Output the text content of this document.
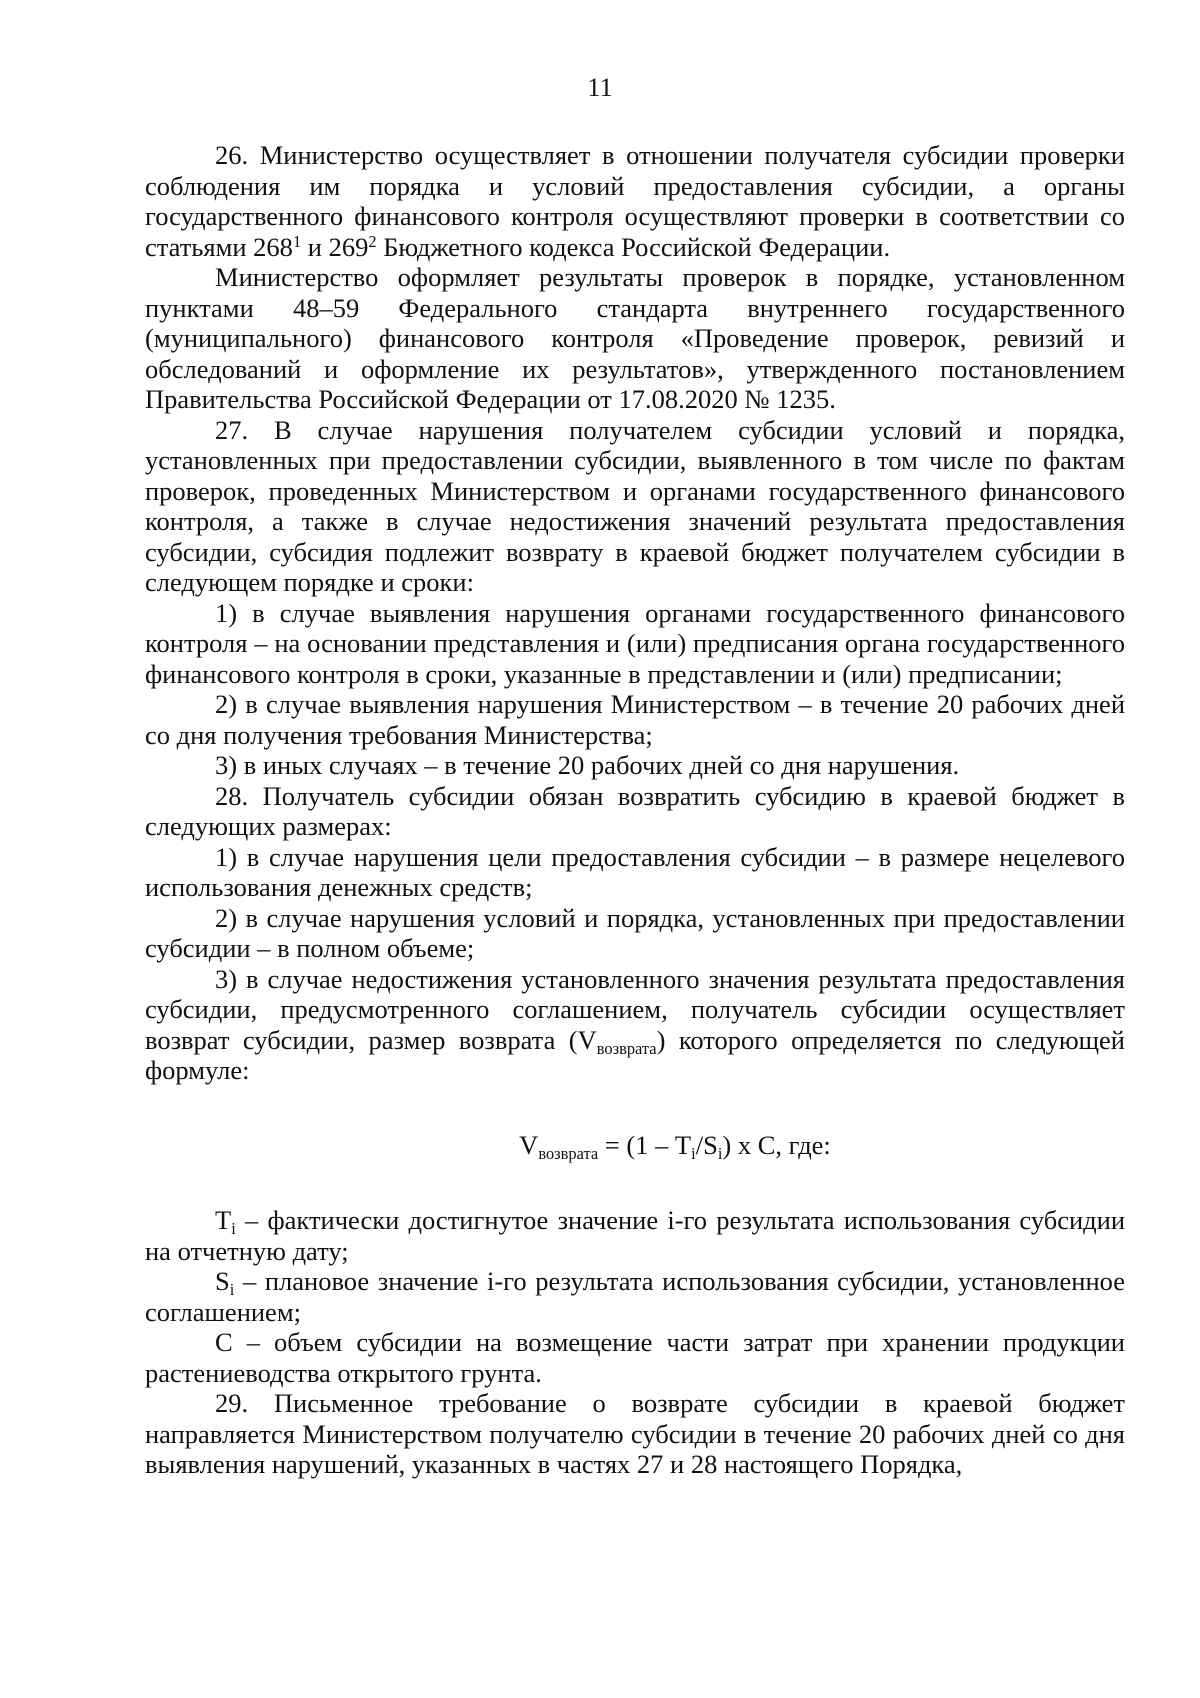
11

26. Министерство осуществляет в отношении получателя субсидии проверки соблюдения им порядка и условий предоставления субсидии, а органы государственного финансового контроля осуществляют проверки в соответствии со статьями $268^1$ и $269^2$ Бюджетного кодекса Российской Федерации.

Министерство оформляет результаты проверок в порядке, установленном пунктами 48–59 Федерального стандарта внутреннего государственного (муниципального) финансового контроля «Проведение проверок, ревизий и обследований и оформление их результатов», утвержденного постановлением Правительства Российской Федерации от 17.08.2020 № 1235.

27. В случае нарушения получателем субсидии условий и порядка, установленных при предоставлении субсидии, выявленного в том числе по фактам проверок, проведенных Министерством и органами государственного финансового контроля, а также в случае недостижения значений результата предоставления субсидии, субсидия подлежит возврату в краевой бюджет получателем субсидии в следующем порядке и сроки:

1) в случае выявления нарушения органами государственного финансового контроля – на основании представления и (или) предписания органа государственного финансового контроля в сроки, указанные в представлении и (или) предписании;

2) в случае выявления нарушения Министерством – в течение 20 рабочих дней со дня получения требования Министерства;

3) в иных случаях – в течение 20 рабочих дней со дня нарушения.

28. Получатель субсидии обязан возвратить субсидию в краевой бюджет в следующих размерах:

1) в случае нарушения цели предоставления субсидии – в размере нецелевого использования денежных средств;

2) в случае нарушения условий и порядка, установленных при предоставлении субсидии – в полном объеме;

3) в случае недостижения установленного значения результата предоставления субсидии, предусмотренного соглашением, получатель субсидии осуществляет возврат субсидии, размер возврата $(V_{возврата})$ которого определяется по следующей формуле:

$V_{возврата} = (1 - T_i/S_i)$ x C, где:

$T_i$ – фактически достигнутое значение i-го результата использования субсидии на отчетную дату;

$S_i$ – плановое значение i-го результата использования субсидии, установленное соглашением;

C – объем субсидии на возмещение части затрат при хранении продукции растениеводства открытого грунта.

29. Письменное требование о возврате субсидии в краевой бюджет направляется Министерством получателю субсидии в течение 20 рабочих дней со дня выявления нарушений, указанных в частях 27 и 28 настоящего Порядка,
